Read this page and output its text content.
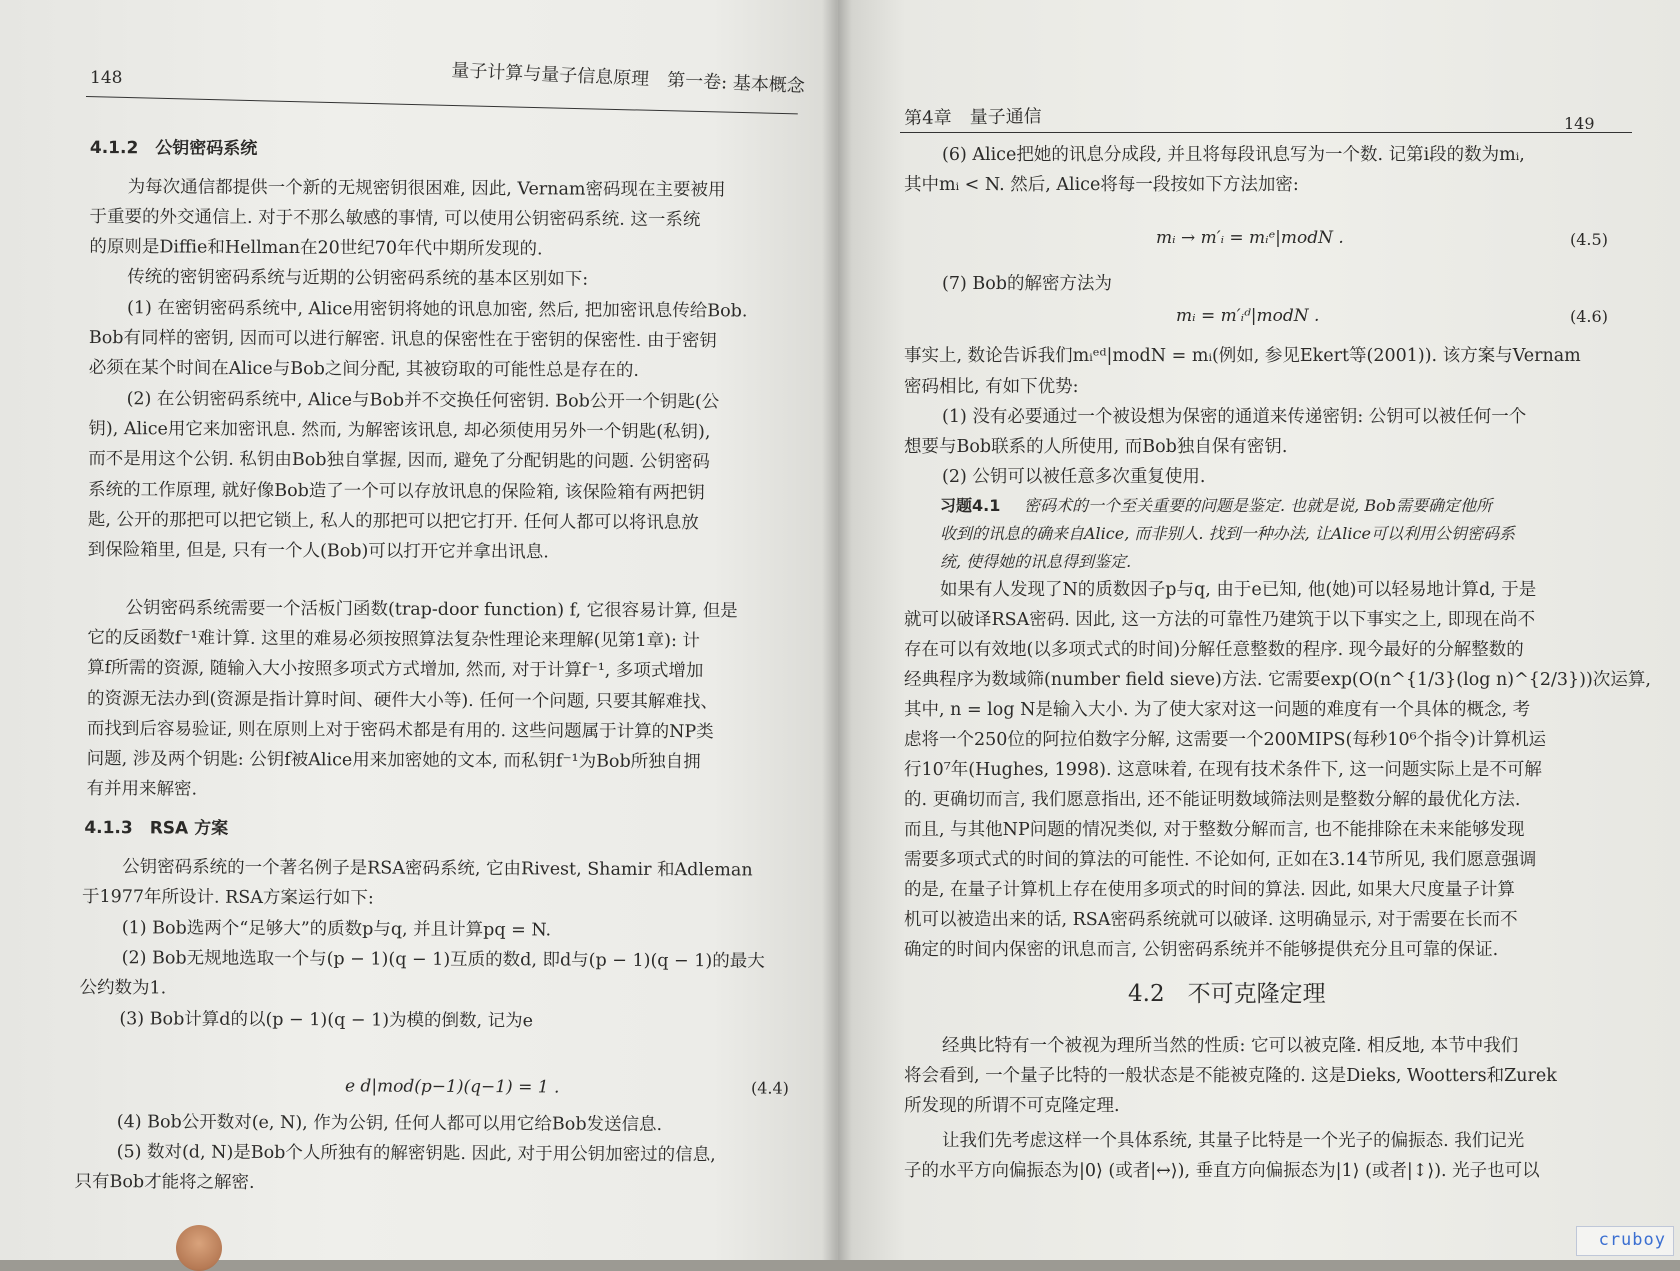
148	量子计算与量子信息原理　第一卷: 基本概念
4.1.2　公钥密码系统
为每次通信都提供一个新的无规密钥很困难, 因此, Vernam密码现在主要被用
于重要的外交通信上. 对于不那么敏感的事情, 可以使用公钥密码系统. 这一系统
的原则是Diffie和Hellman在20世纪70年代中期所发现的.
传统的密钥密码系统与近期的公钥密码系统的基本区别如下:
(1) 在密钥密码系统中, Alice用密钥将她的讯息加密, 然后, 把加密讯息传给Bob.
Bob有同样的密钥, 因而可以进行解密. 讯息的保密性在于密钥的保密性. 由于密钥
必须在某个时间在Alice与Bob之间分配, 其被窃取的可能性总是存在的.
(2) 在公钥密码系统中, Alice与Bob并不交换任何密钥. Bob公开一个钥匙(公
钥), Alice用它来加密讯息. 然而, 为解密该讯息, 却必须使用另外一个钥匙(私钥),
而不是用这个公钥. 私钥由Bob独自掌握, 因而, 避免了分配钥匙的问题. 公钥密码
系统的工作原理, 就好像Bob造了一个可以存放讯息的保险箱, 该保险箱有两把钥
匙, 公开的那把可以把它锁上, 私人的那把可以把它打开. 任何人都可以将讯息放
到保险箱里, 但是, 只有一个人(Bob)可以打开它并拿出讯息.
公钥密码系统需要一个活板门函数(trap-door function) f, 它很容易计算, 但是
它的反函数f⁻¹难计算. 这里的难易必须按照算法复杂性理论来理解(见第1章): 计
算f所需的资源, 随输入大小按照多项式方式增加, 然而, 对于计算f⁻¹, 多项式增加
的资源无法办到(资源是指计算时间、硬件大小等). 任何一个问题, 只要其解难找、
而找到后容易验证, 则在原则上对于密码术都是有用的. 这些问题属于计算的NP类
问题, 涉及两个钥匙: 公钥f被Alice用来加密她的文本, 而私钥f⁻¹为Bob所独自拥
有并用来解密.
4.1.3　RSA 方案
公钥密码系统的一个著名例子是RSA密码系统, 它由Rivest, Shamir 和Adleman
于1977年所设计. RSA方案运行如下:
(1) Bob选两个“足够大”的质数p与q, 并且计算pq = N.
(2) Bob无规地选取一个与(p − 1)(q − 1)互质的数d, 即d与(p − 1)(q − 1)的最大
公约数为1.
(3) Bob计算d的以(p − 1)(q − 1)为模的倒数, 记为e
e d|mod(p−1)(q−1) = 1 .	(4.4)
(4) Bob公开数对(e, N), 作为公钥, 任何人都可以用它给Bob发送信息.
(5) 数对(d, N)是Bob个人所独有的解密钥匙. 因此, 对于用公钥加密过的信息,
只有Bob才能将之解密.
第4章　量子通信	149
(6) Alice把她的讯息分成段, 并且将每段讯息写为一个数. 记第i段的数为mᵢ,
其中mᵢ < N. 然后, Alice将每一段按如下方法加密:
mᵢ → m′ᵢ = mᵢᵉ|modN .	(4.5)
(7) Bob的解密方法为
mᵢ = m′ᵢᵈ|modN .	(4.6)
事实上, 数论告诉我们mᵢᵉᵈ|modN = mᵢ(例如, 参见Ekert等(2001)). 该方案与Vernam
密码相比, 有如下优势:
(1) 没有必要通过一个被设想为保密的通道来传递密钥: 公钥可以被任何一个
想要与Bob联系的人所使用, 而Bob独自保有密钥.
(2) 公钥可以被任意多次重复使用.
习题4.1 密码术的一个至关重要的问题是鉴定. 也就是说, Bob需要确定他所
收到的讯息的确来自Alice, 而非别人. 找到一种办法, 让Alice可以利用公钥密码系
统, 使得她的讯息得到鉴定.
如果有人发现了N的质数因子p与q, 由于e已知, 他(她)可以轻易地计算d, 于是
就可以破译RSA密码. 因此, 这一方法的可靠性乃建筑于以下事实之上, 即现在尚不
存在可以有效地(以多项式式的时间)分解任意整数的程序. 现今最好的分解整数的
经典程序为数域筛(number field sieve)方法. 它需要exp(O(n^{1/3}(log n)^{2/3}))次运算,
其中, n = log N是输入大小. 为了使大家对这一问题的难度有一个具体的概念, 考
虑将一个250位的阿拉伯数字分解, 这需要一个200MIPS(每秒10⁶个指令)计算机运
行10⁷年(Hughes, 1998). 这意味着, 在现有技术条件下, 这一问题实际上是不可解
的. 更确切而言, 我们愿意指出, 还不能证明数域筛法则是整数分解的最优化方法.
而且, 与其他NP问题的情况类似, 对于整数分解而言, 也不能排除在未来能够发现
需要多项式式的时间的算法的可能性. 不论如何, 正如在3.14节所见, 我们愿意强调
的是, 在量子计算机上存在使用多项式的时间的算法. 因此, 如果大尺度量子计算
机可以被造出来的话, RSA密码系统就可以破译. 这明确显示, 对于需要在长而不
确定的时间内保密的讯息而言, 公钥密码系统并不能够提供充分且可靠的保证.
4.2　不可克隆定理
经典比特有一个被视为理所当然的性质: 它可以被克隆. 相反地, 本节中我们
将会看到, 一个量子比特的一般状态是不能被克隆的. 这是Dieks, Wootters和Zurek
所发现的所谓不可克隆定理.
让我们先考虑这样一个具体系统, 其量子比特是一个光子的偏振态. 我们记光
子的水平方向偏振态为|0⟩ (或者|↔⟩), 垂直方向偏振态为|1⟩ (或者|↕⟩). 光子也可以
cruboy
